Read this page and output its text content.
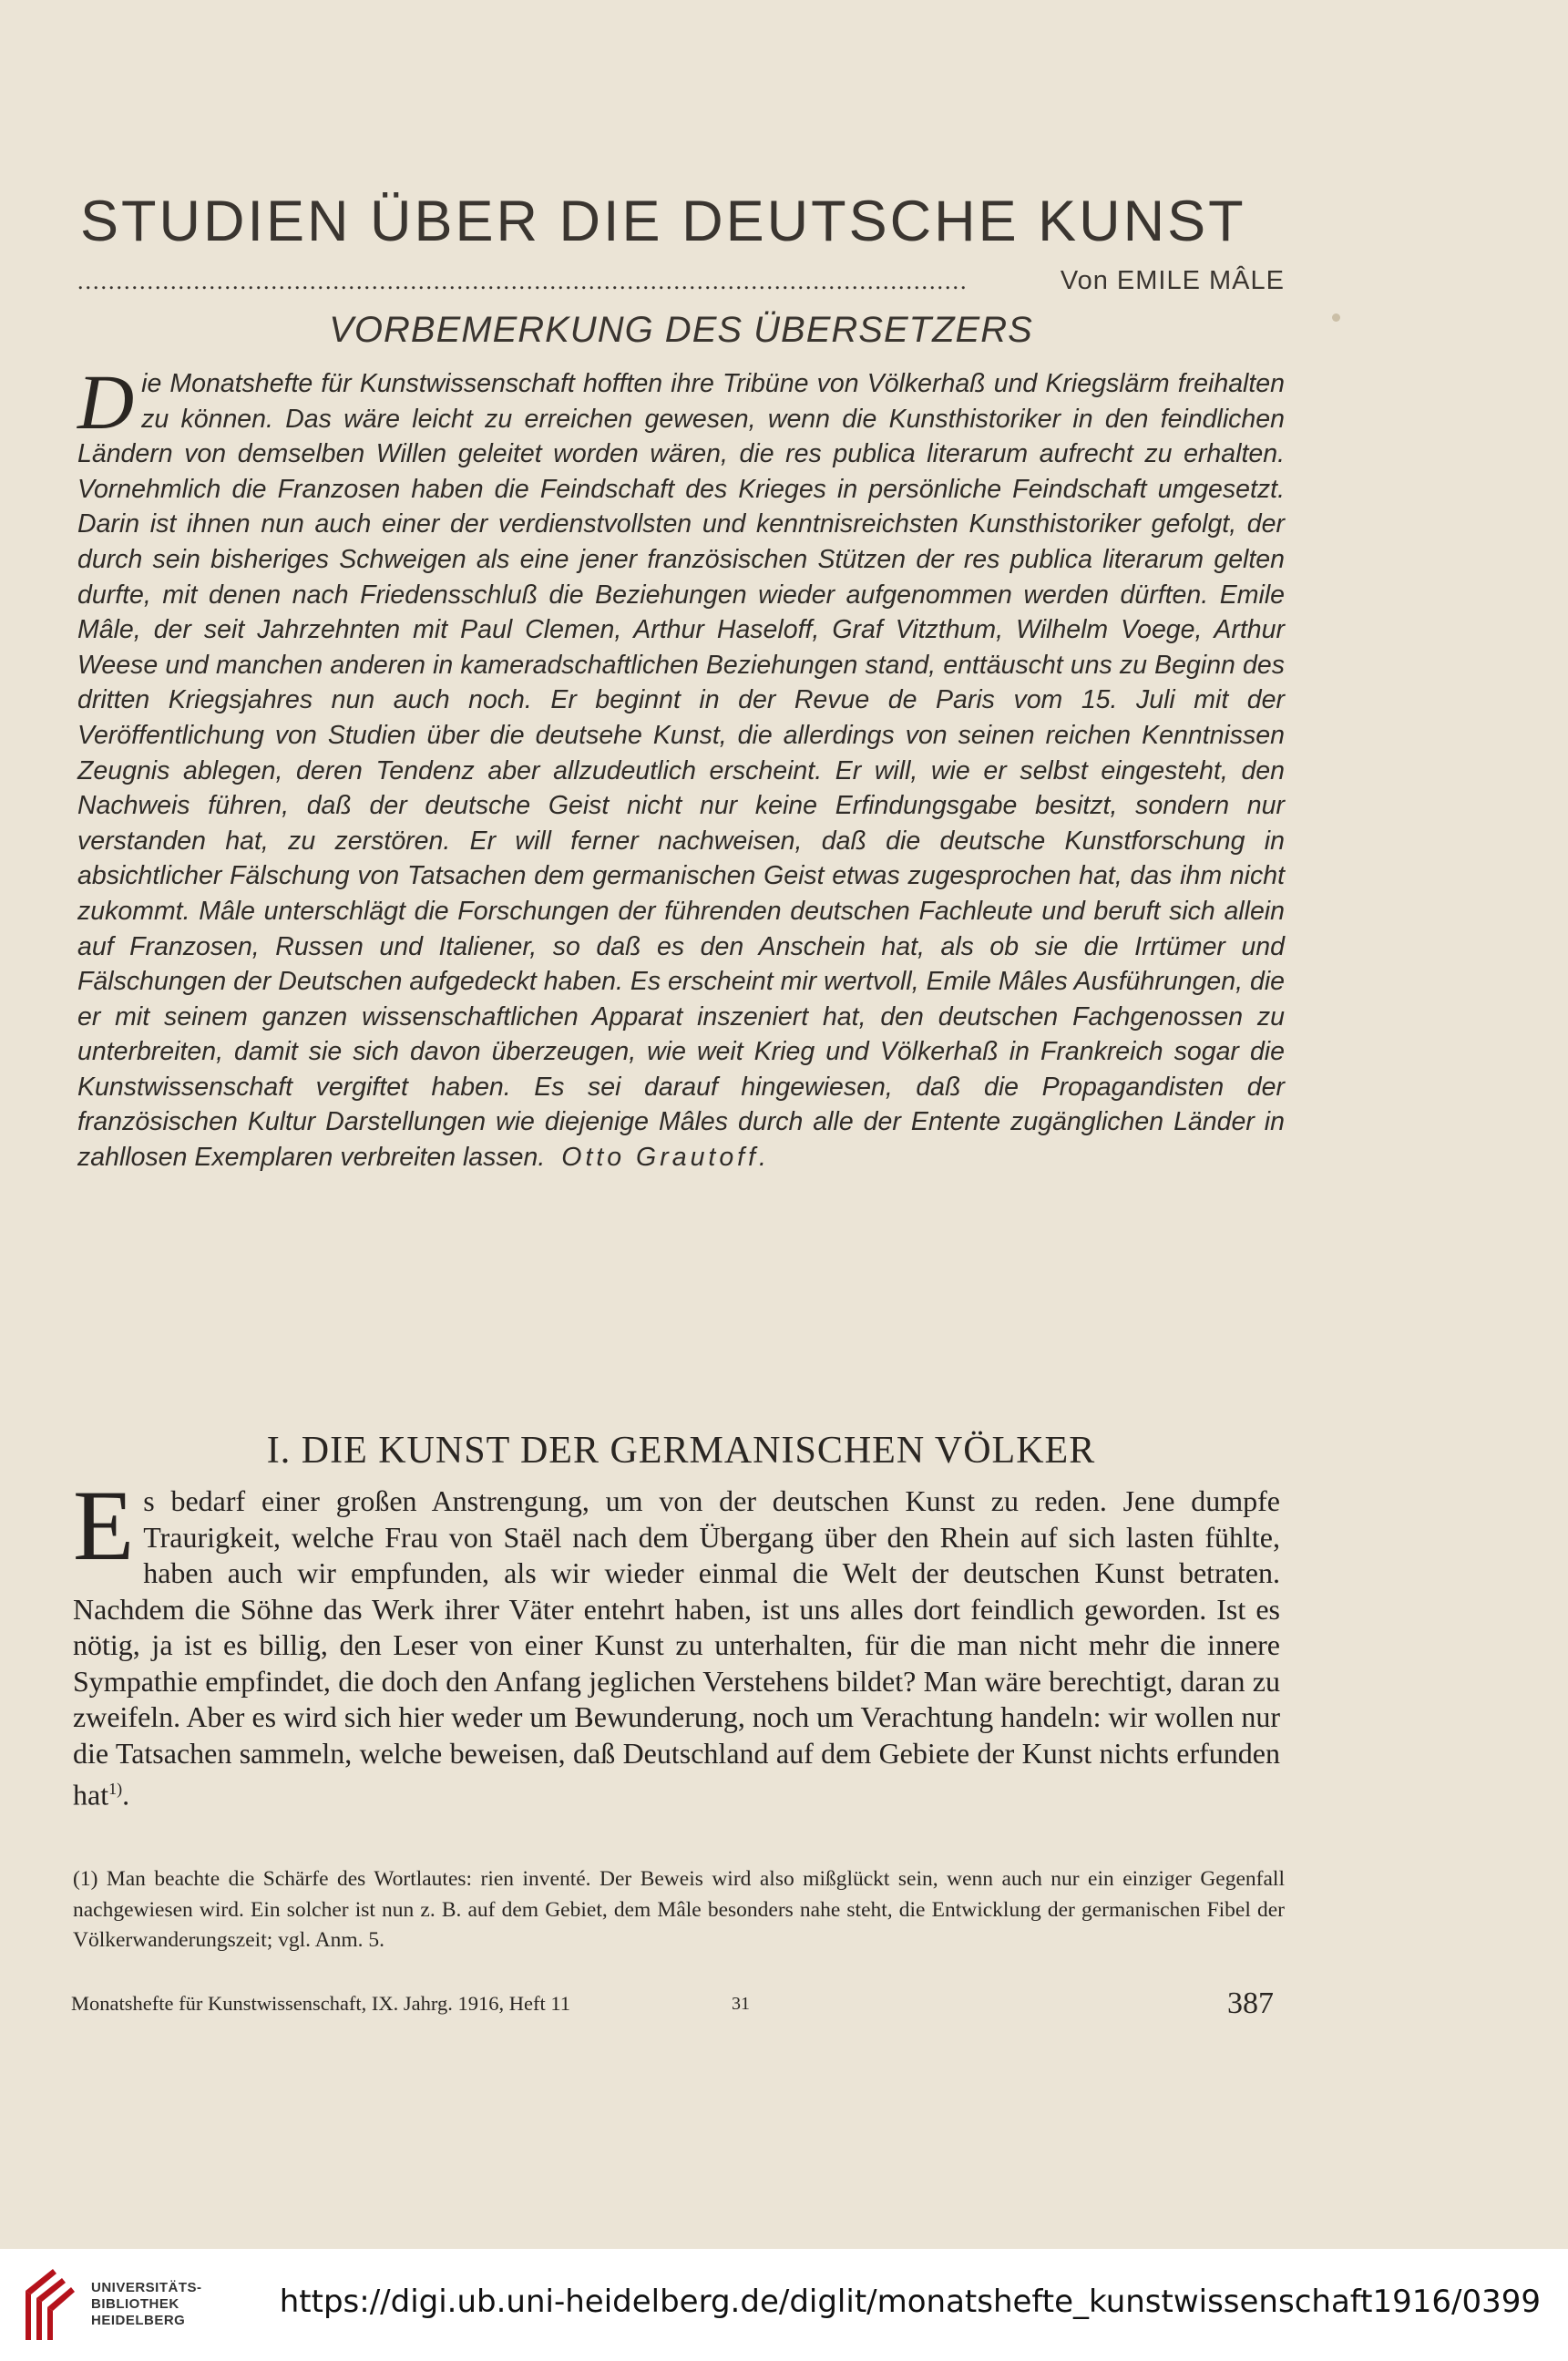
STUDIEN ÜBER DIE DEUTSCHE KUNST
...................................................................................................................	Von EMILE MÂLE
VORBEMERKUNG DES ÜBERSETZERS

Die Monatshefte für Kunstwissenschaft hofften ihre Tribüne von Völkerhaß und Kriegslärm freihalten zu können. Das wäre leicht zu erreichen gewesen, wenn die Kunsthistoriker in den feindlichen Ländern von demselben Willen geleitet worden wären, die res publica literarum aufrecht zu erhalten. Vornehmlich die Franzosen haben die Feindschaft des Krieges in persönliche Feindschaft umgesetzt. Darin ist ihnen nun auch einer der verdienstvollsten und kenntnisreichsten Kunsthistoriker gefolgt, der durch sein bisheriges Schweigen als eine jener französischen Stützen der res publica literarum gelten durfte, mit denen nach Friedensschluß die Beziehungen wieder aufgenommen werden dürften. Emile Mâle, der seit Jahrzehnten mit Paul Clemen, Arthur Haseloff, Graf Vitzthum, Wilhelm Voege, Arthur Weese und manchen anderen in kameradschaftlichen Beziehungen stand, enttäuscht uns zu Beginn des dritten Kriegsjahres nun auch noch. Er beginnt in der Revue de Paris vom 15. Juli mit der Veröffentlichung von Studien über die deutsehe Kunst, die allerdings von seinen reichen Kenntnissen Zeugnis ablegen, deren Tendenz aber allzudeutlich erscheint. Er will, wie er selbst eingesteht, den Nachweis führen, daß der deutsche Geist nicht nur keine Erfindungsgabe besitzt, sondern nur verstanden hat, zu zerstören. Er will ferner nachweisen, daß die deutsche Kunstforschung in absichtlicher Fälschung von Tatsachen dem germanischen Geist etwas zugesprochen hat, das ihm nicht zukommt. Mâle unterschlägt die Forschungen der führenden deutschen Fachleute und beruft sich allein auf Franzosen, Russen und Italiener, so daß es den Anschein hat, als ob sie die Irrtümer und Fälschungen der Deutschen aufgedeckt haben. Es erscheint mir wertvoll, Emile Mâles Ausführungen, die er mit seinem ganzen wissenschaftlichen Apparat inszeniert hat, den deutschen Fachgenossen zu unterbreiten, damit sie sich davon überzeugen, wie weit Krieg und Völkerhaß in Frankreich sogar die Kunstwissenschaft vergiftet haben. Es sei darauf hingewiesen, daß die Propagandisten der französischen Kultur Darstellungen wie diejenige Mâles durch alle der Entente zugänglichen Länder in zahllosen Exemplaren verbreiten lassen. Otto Grautoff.

I. DIE KUNST DER GERMANISCHEN VÖLKER

Es bedarf einer großen Anstrengung, um von der deutschen Kunst zu reden. Jene dumpfe Traurigkeit, welche Frau von Staël nach dem Übergang über den Rhein auf sich lasten fühlte, haben auch wir empfunden, als wir wieder einmal die Welt der deutschen Kunst betraten. Nachdem die Söhne das Werk ihrer Väter entehrt haben, ist uns alles dort feindlich geworden. Ist es nötig, ja ist es billig, den Leser von einer Kunst zu unterhalten, für die man nicht mehr die innere Sympathie empfindet, die doch den Anfang jeglichen Verstehens bildet? Man wäre berechtigt, daran zu zweifeln. Aber es wird sich hier weder um Bewunderung, noch um Verachtung handeln: wir wollen nur die Tatsachen sammeln, welche beweisen, daß Deutschland auf dem Gebiete der Kunst nichts erfunden hat$^{1)}$.

(1) Man beachte die Schärfe des Wortlautes: rien inventé. Der Beweis wird also mißglückt sein, wenn auch nur ein einziger Gegenfall nachgewiesen wird. Ein solcher ist nun z. B. auf dem Gebiet, dem Mâle besonders nahe steht, die Entwicklung der germanischen Fibel der Völkerwanderungszeit; vgl. Anm. 5.

Monatshefte für Kunstwissenschaft, IX. Jahrg. 1916, Heft 11	31	387
UNIVERSITÄTS-
BIBLIOTHEK
HEIDELBERG
https://digi.ub.uni-heidelberg.de/diglit/monatshefte_kunstwissenschaft1916/0399
